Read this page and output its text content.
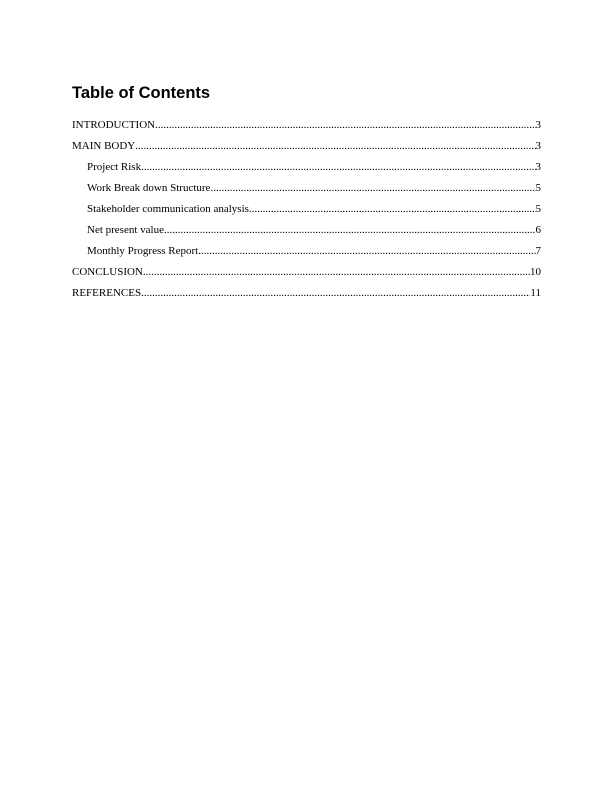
Table of Contents
INTRODUCTION .....	3
MAIN BODY .....	3
Project Risk .....	3
Work Break down Structure .....	5
Stakeholder communication analysis .....	5
Net present value .....	6
Monthly Progress Report .....	7
CONCLUSION .....	10
REFERENCES .....	11
